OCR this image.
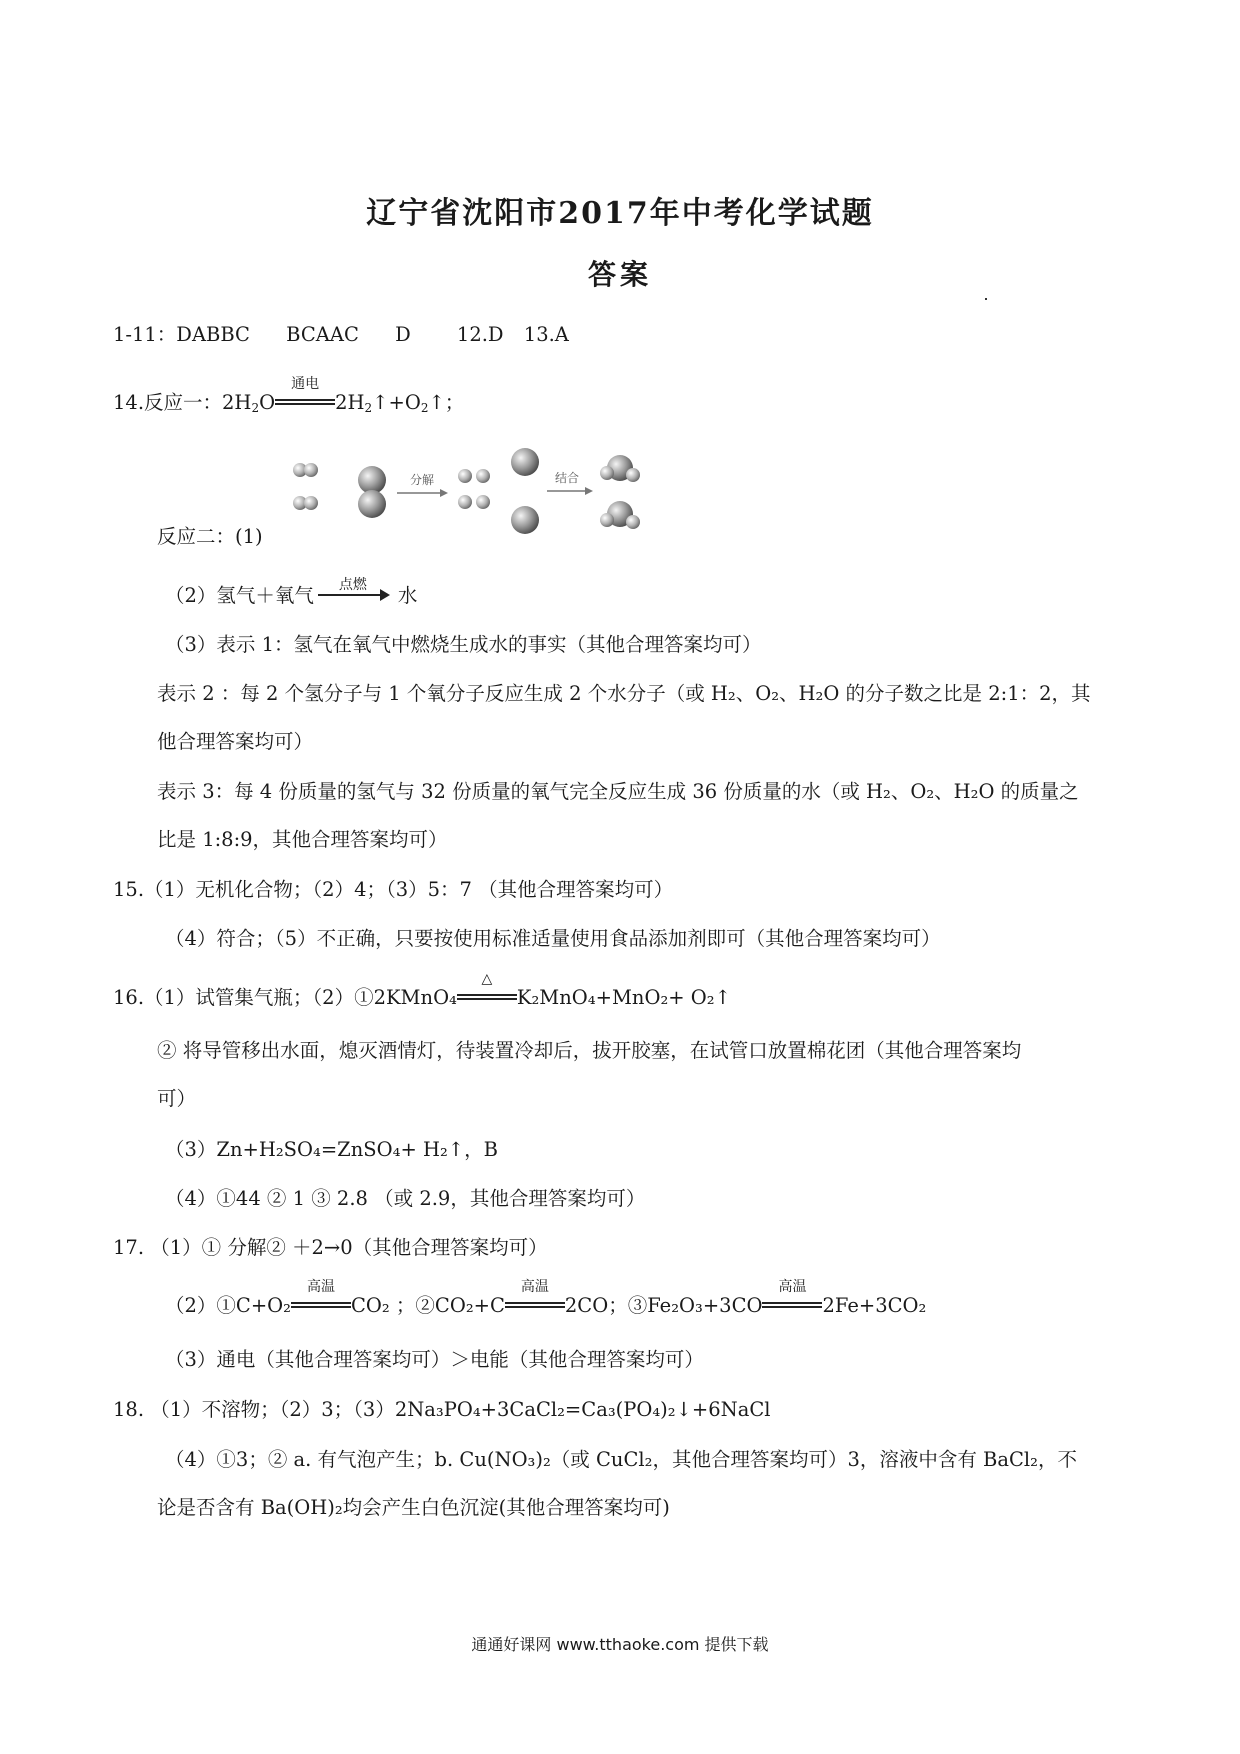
辽宁省沈阳市2017年中考化学试题
答案
1-11：DABBC BCAAC D 12.D 13.A
14.反应一：$2H_2O$
通电
$2H_2↑+O_2↑$；
分解	结合
反应二：(1)
（2）氢气＋氧气	点燃	水
（3）表示 1：氢气在氧气中燃烧生成水的事实（其他合理答案均可）
表示 2 ：每 2 个氢分子与 1 个氧分子反应生成 2 个水分子（或 H₂、O₂、H₂O 的分子数之比是 2:1：2，其
他合理答案均可）
表示 3：每 4 份质量的氢气与 32 份质量的氧气完全反应生成 36 份质量的水（或 H₂、O₂、H₂O 的质量之
比是 1:8:9，其他合理答案均可）
15.（1）无机化合物；（2）4；（3）5：7 （其他合理答案均可）
（4）符合；（5）不正确，只要按使用标准适量使用食品添加剂即可（其他合理答案均可）
16.（1）试管集气瓶；（2）①2KMnO₄
△
K₂MnO₄+MnO₂+ O₂↑
② 将导管移出水面，熄灭酒情灯，待装置冷却后，拔开胶塞，在试管口放置棉花团（其他合理答案均
可）
（3）Zn+H₂SO₄=ZnSO₄+ H₂↑，B
（4）①44 ② 1 ③ 2.8 （或 2.9，其他合理答案均可）
17. （1）① 分解② ＋2→0（其他合理答案均可）
（2）①C+O₂
高温
CO₂ ；②CO₂+C
高温
2CO；③Fe₂O₃+3CO
高温
2Fe+3CO₂
（3）通电（其他合理答案均可）＞电能（其他合理答案均可）
18. （1）不溶物；（2）3；（3）2Na₃PO₄+3CaCl₂=Ca₃(PO₄)₂↓+6NaCl
（4）①3；② a. 有气泡产生；b. Cu(NO₃)₂（或 CuCl₂，其他合理答案均可）3，溶液中含有 BaCl₂，不
论是否含有 Ba(OH)₂均会产生白色沉淀(其他合理答案均可)
通通好课网 www.tthaoke.com 提供下载
